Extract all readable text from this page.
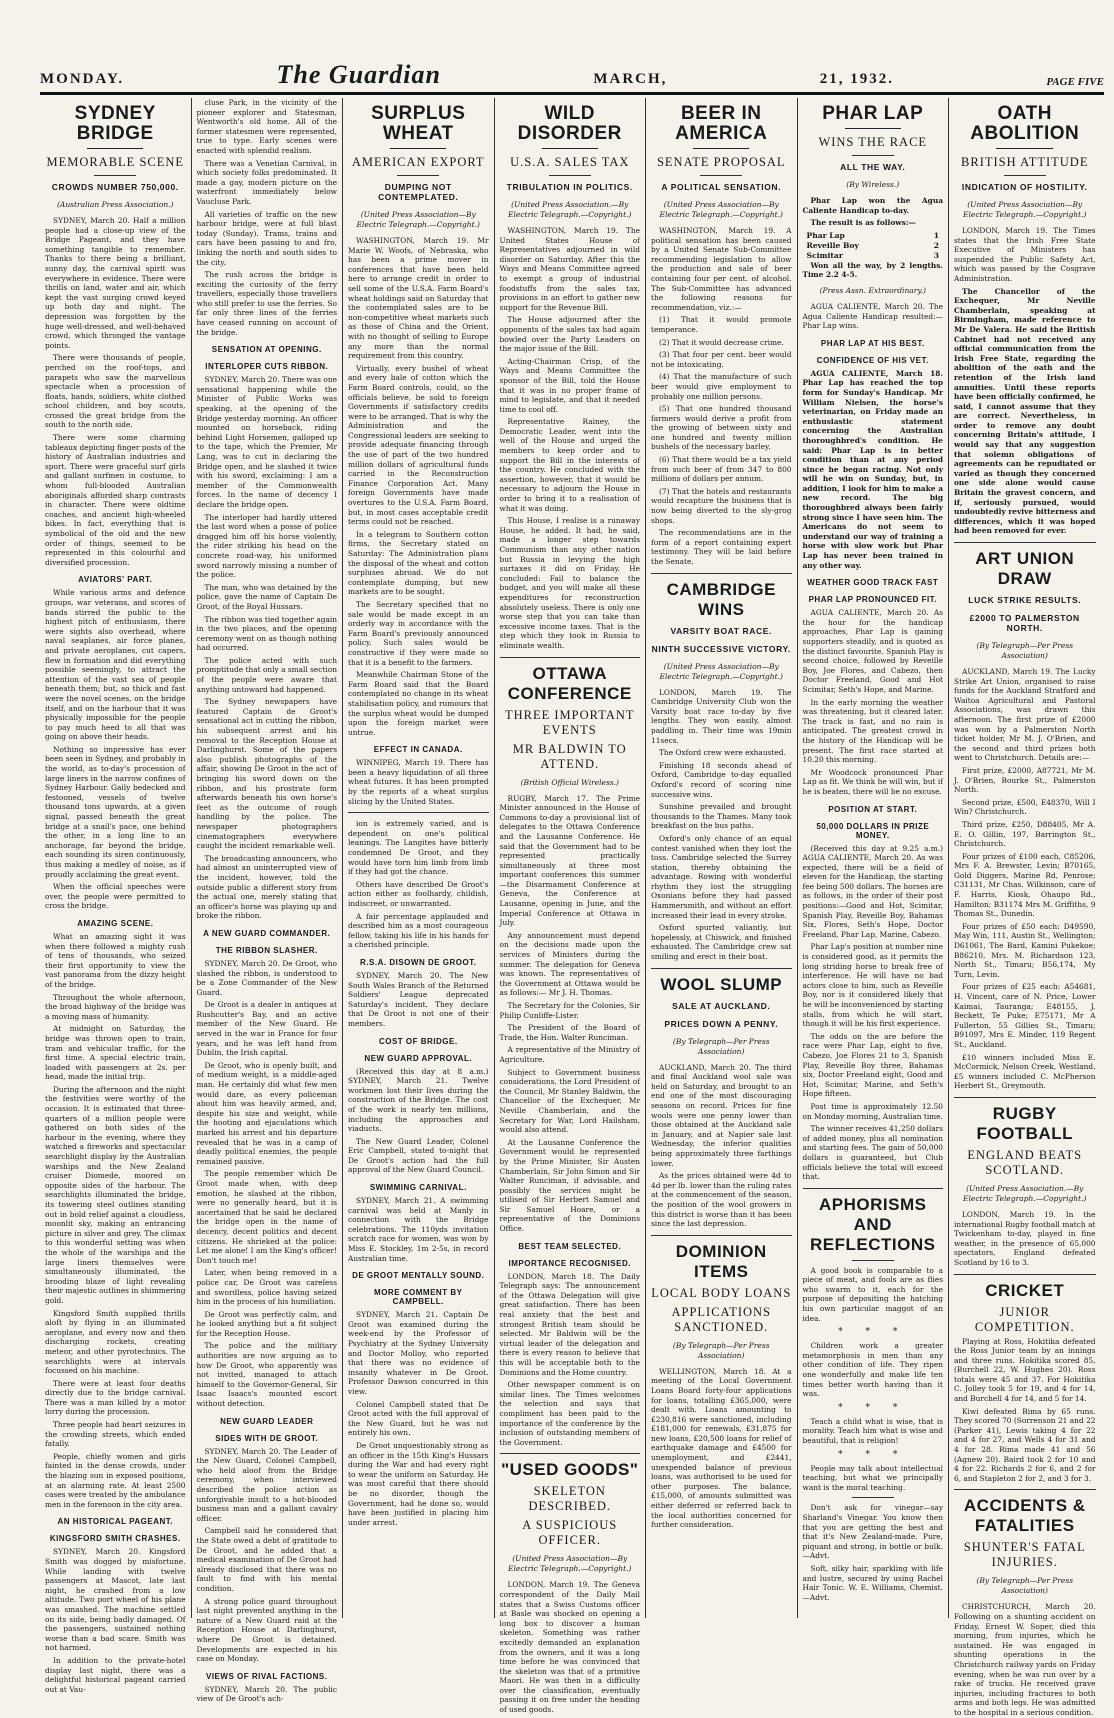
MONDAY.	The Guardian	MARCH,	21, 1932.	PAGE FIVE
SYDNEY BRIDGE
MEMORABLE SCENE
CROWDS NUMBER 750,000.
(Australian Press Association.)

SYDNEY, March 20. Half a million people had a close-up view of the Bridge Pageant, and they have something tangible to remember. Thanks to there being a brilliant, sunny day, the carnival spirit was everywhere in evidence. There were thrills on land, water and air, which kept the vast surging crowd keyed up both day and night. The depression was forgotten by the huge well-dressed, and well-behaved crowd, which thronged the vantage points.

There were thousands of people, perched on the roof-tops, and parapets who saw the marvellous spectacle when a procession of floats, bands, soldiers, white clothed school children, and boy scouts, crossed the great bridge from the south to the north side.

There were some charming tableaux depicting finger posts of the history of Australian industries and sport. There were graceful surf girls and gallant surfmen in costume, to whom full-blooded Australian aboriginals afforded sharp contrasts in character. There were oldtime coaches, and ancient high-wheeled bikes. In fact, everything that is symbolical of the old and the new order of things, seemed to be represented in this colourful and diversified procession.

AVIATORS' PART.

While various arms and defence groups, war veterans, and scores of bands stirred the public to the highest pitch of enthusiasm, there were sights also overhead, where naval seaplanes, air force planes, and private aeroplanes, cut capers, flew in formation and did everything possible seemingly, to attract the attention of the vast sea of people beneath them; but, so thick and fast were the novel scenes, on the bridge itself, and on the harbour that it was physically impossible for the people to pay much heed to all that was going on above their heads.

Nothing so impressive has ever been seen in Sydney, and probably in the world, as to-day's procession of large liners in the narrow confines of Sydney Harbour. Gaily bedecked and festooned, vessels of twelve thousand tons upwards, at a given signal, passed beneath the great bridge at a snail's pace, one behind the other, in a long line to an anchorage, far beyond the bridge, each sounding its siren continuously, thus making a medley of noise, as if proudly acclaiming the great event.

When the official speeches were over, the people were permitted to cross the bridge.

AMAZING SCENE.

What an amazing sight it was when there followed a mighty rush of tens of thousands, who seized their first opportunity to view the vast panorama from the dizzy height of the bridge.

Throughout the whole afternoon, the broad highway of the bridge was a moving mass of humanity.

At midnight on Saturday, the bridge was thrown open to train, tram and vehicular traffic, for the first time. A special electric train, loaded with passengers at 2s. per head, made the initial trip.

During the afternoon and the night the festivities were worthy of the occasion. It is estimated that three-quarters of a million people were gathered on both sides of the harbour in the evening, where they watched a fireworks and spectacular searchlight display by the Australian warships and the New Zealand cruiser Diomede, moored on opposite sides of the harbour. The searchlights illuminated the bridge, its towering steel outlines standing out in bold relief against a cloudless, moonlit sky, making an entrancing picture in silver and grey. The climax to this wonderful setting was when the whole of the warships and the large liners themselves were simultaneously illuminated, the brooding blaze of light revealing their majestic outlines in shimmering gold.

Kingsford Smith supplied thrills aloft by flying in an illuminated aeroplane, and every now and then discharging rockets, creating meteor, and other pyrotechnics. The searchlights were at intervals focussed on his machine.

There were at least four deaths directly due to the bridge carnival. There was a man killed by a motor lorry during the procession.

Three people had heart seizures in the crowding streets, which ended fatally.

People, chiefly women and girls fainted in the dense crowds, under the blazing sun in exposed positions, at an alarming rate. At least 2500 cases were treated by the ambulance men in the forenoon in the city area.

AN HISTORICAL PAGEANT.
KINGSFORD SMITH CRASHES.

SYDNEY, March 20. Kingsford Smith was dogged by misfortune. While landing with twelve passengers at Mascot, late last night, he crashed from a low altitude. Two port wheel of his plane was smashed. The machine settled on its side, being badly damaged. Of the passengers, sustained nothing worse than a bad scare. Smith was not harmed.

In addition to the private-hotel display last night, there was a delightful historical pageant carried out at Vau-

cluse Park, in the vicinity of the pioneer explorer and Statesman, Wentworth's old home. All of the former statesmen were represented, true to type. Early scenes were enacted with splendid realism.

There was a Venetian Carnival, in which society folks predominated. It made a gay, modern picture on the waterfront immediately below Vaucluse Park.

All varieties of traffic on the new harbour bridge, were at full blast today (Sunday). Trams, trains and cars have been passing to and fro, linking the north and south sides to the city.

The rush across the bridge is exciting the curiosity of the ferry travellers, especially those travellers who still prefer to use the ferries. So far only three lines of the ferries have ceased running on account of the bridge.

SENSATION AT OPENING.
INTERLOPER CUTS RIBBON.

SYDNEY, March 20. There was one sensational happening while the Minister of Public Works was speaking, at the opening of the Bridge yesterday morning. An officer mounted on horseback, riding behind Light Horsemen, galloped up to the tape, which the Premier, Mr Lang, was to cut in declaring the Bridge open, and he slashed it twice with his sword, exclaiming: I am a member of the Commonwealth forces. In the name of decency I declare the bridge open.

The interloper had hardly uttered the last word when a posse of police dragged him off his horse violently, the rider striking his head on the concrete road-way, his uniformed sword narrowly missing a number of the police.

The man, who was detained by the police, gave the name of Captain De Groot, of the Royal Hussars.

The ribbon was tied together again in the two places, and the opening ceremony went on as though nothing had occurred.

The police acted with such promptitude that only a small section of the people were aware that anything untoward had happened.

The Sydney newspapers have featured Captain de Groot's sensational act in cutting the ribbon, his subsequent arrest and his removal to the Reception House at Darlinghurst. Some of the papers also publish photographs of the affair, showing De Groot in the act of bringing his sword down on the ribbon, and his prostrate form afterwards beneath his own horse's feet as the outcome of rough handling by the police. The newspaper photographers cinematographers everywhere caught the incident remarkable well.

The broadcasting announcers, who had almost an uninterrupted view of the incident, however, told the outside public a different story from the actual one, merely stating that an officer's horse was playing up and broke the ribbon.

A NEW GUARD COMMANDER.
THE RIBBON SLASHER.

SYDNEY, March 20. De Groot, who slashed the ribbon, is understood to be a Zone Commander of the New Guard.

De Groot is a dealer in antiques at Rushcutter's Bay, and an active member of the New Guard. He served in the war in France for four years, and he was left hand from Dublin, the Irish capital.

De Groot, who is openly built, and of medium weight, is a middle-aged man. He certainly did what few men would dare, as every policeman about him was heavily armed, and, despite his size and weight, while the hooting and ejaculations which marked his arrest and his departure revealed that he was in a camp of deadly political enemies, the people remained passive.

The people remember which De Groot made when, with deep emotion, he slashed at the ribbon, were no generally heard, but it is ascertained that he said he declared the bridge open in the name of decency, decent politics and decent citizens. He shrieked at the police: Let me alone! I am the King's officer! Don't touch me!

Later, when being removed in a police car, De Groot was careless and swordless, police having seized him in the process of his humiliation.

De Groot was perfectly calm, and he looked anything but a fit subject for the Reception House.

The police and the military authorities are now arguing as to how De Groot, who apparently was not invited, managed to attach himself to the Governor-General, Sir Isaac Isaacs's mounted escort without detection.

NEW GUARD LEADER
SIDES WITH DE GROOT.

SYDNEY, March 20. The Leader of the New Guard, Colonel Campbell, who held aloof from the Bridge ceremony, when interviewed described the police action as unforgivable insult to a hot-blooded business man and a gallant cavalry officer.

Campbell said he considered that the State owed a debt of gratitude to De Groot, and he added that a medical examination of De Groot had already disclosed that there was no fault to find with his mental condition.

A strong police guard throughout last night prevented anything in the nature of a New Guard raid at the Reception House at Darlinghurst, where De Groot is detained. Developments are expected in his case on Monday.

VIEWS OF RIVAL FACTIONS.

SYDNEY, March 20. The public view of De Groot's ach-

SURPLUS WHEAT
AMERICAN EXPORT
DUMPING NOT CONTEMPLATED.
(United Press Association—By Electric Telegraph.—Copyright.)

WASHINGTON, March 19. Mr Marie W. Woofs, of Nebraska, who has been a prime mover in conferences that have been held here to arrange credit in order to sell some of the U.S.A. Farm Board's wheat holdings said on Saturday that the contemplated sales are to be non-competitive wheat markets such as those of China and the Orient, with no thought of selling to Europe any more than the normal requirement from this country.

Virtually, every bushel of wheat and every bale of cotton which the Farm Board controls, could, so the officials believe, be sold to foreign Governments if satisfactory credits were to be arranged. That is why the Administration and the Congressional leaders are seeking to provide adequate financing through the use of part of the two hundred million dollars of agricultural funds carried in the Reconstruction Finance Corporation Act. Many foreign Governments have made overtures to the U.S.A. Farm Board, but, in most cases acceptable credit terms could not be reached.

In a telegram to Southern cotton firms, the Secretary stated on Saturday: The Administration plans the disposal of the wheat and cotton surpluses abroad. We do not contemplate dumping, but new markets are to be sought.

The Secretary specified that no sale would be made except in an orderly way in accordance with the Farm Board's previously announced policy. Such sales would be constructive if they were made so that it is a benefit to the farmers.

Meanwhile Chairman Stone of the Farm Board said that the Board contemplated no change in its wheat stabilisation policy, and rumours that the surplus wheat would be dumped upon the foreign market were untrue.

EFFECT IN CANADA.

WINNIPEG, March 19. There has been a heavy liquidation of all three wheat futures. It has been prompted by the reports of a wheat surplus slicing by the United States.

ion is extremely varied, and is dependent on one's political leanings. The Langites have bitterly condemned De Groot, and they would have torn him limb from limb if they had got the chance.

Others have described De Groot's action either as foolhardy, childish, indiscreet, or unwarranted.

A fair percentage applauded and described him as a most courageous fellow, taking his life in his hands for a cherished principle.

R.S.A. DISOWN DE GROOT.

SYDNEY, March 20. The New South Wales Branch of the Returned Soldiers' League deprecated Saturday's incident. They declare that De Groot is not one of their members.

COST OF BRIDGE.
NEW GUARD APPROVAL.

(Received this day at 8 a.m.) SYDNEY, March 21. Twelve workmen lost their lives during the construction of the Bridge. The cost of the work is nearly ten millions, including the approaches and viaducts.

The New Guard Leader, Colonel Eric Campbell, stated to-night that De Groot's action had the full approval of the New Guard Council.

SWIMMING CARNIVAL.

SYDNEY, March 21. A swimming carnival was held at Manly in connection with the Bridge celebrations. The 110yds invitation scratch race for women, was won by Miss E. Stockley, 1m 2-5s, in record Australian time.

DE GROOT MENTALLY SOUND.
MORE COMMENT BY CAMPBELL.

SYDNEY, March 21. Captain De Groot was examined during the week-end by the Professor of Psychiatry at the Sydney University and Doctor Molloy, who reported that there was no evidence of insanity whatever in De Groot. Professor Dawson concurred in this view.

Colonel Campbell stated that De Groot acted with the full approval of the New Guard, but he was not entirely his own.

De Groot unquestionably strong as an officer in the 15th King's Hussars during the War and had every right to wear the uniform on Saturday. He was most careful that there should be no disorder, though the Government, had he done so, would have been justified in placing him under arrest.

WILD DISORDER
U.S.A. SALES TAX
TRIBULATION IN POLITICS.
(United Press Association.—By Electric Telegraph.—Copyright.)

WASHINGTON, March 19. The United States House of Representatives adjourned in wild disorder on Saturday. After this the Ways and Means Committee agreed to exempt a group of industrial foodstuffs from the sales tax, provisions in an effort to gather new support for the Revenue Bill.

The House adjourned after the opponents of the sales tax had again bowled over the Party Leaders on the major issue of the Bill.

Acting-Chairman Crisp, of the Ways and Means Committee the sponsor of the Bill, told the House that it was in no proper frame of mind to legislate, and that it needed time to cool off.

Representative Rainey, the Democratic Leader, went into the well of the House and urged the members to keep order and to support the Bill in the interests of the country. He concluded with the assertion, however, that it would be necessary to adjourn the House in order to bring it to a realisation of what it was doing.

This House, I realise is a runaway House, he added. It had, he said, made a longer step towards Communism than any other nation but Russia in levying the high surtaxes it did on Friday. He concluded: Fail to balance the budget, and you will make all these expenditures for reconstruction absolutely useless. There is only one worse step that you can take than excessive income taxes. That is the step which they took in Russia to eliminate wealth.

OTTAWA CONFERENCE
THREE IMPORTANT EVENTS
MR BALDWIN TO ATTEND.
(British Official Wireless.)

RUGBY, March 17. The Prime Minister announced in the House of Commons to-day a provisional list of delegates to the Ottawa Conference and the Lausanne Conference. He said that the Government had to be represented practically simultaneously at three most important conferences this summer—the Disarmament Conference at Geneva, the Conference at Lausanne, opening in June, and the Imperial Conference at Ottawa in July.

Any announcement must depend on the decisions made upon the services of Ministers during the summer. The delegation for Geneva was known. The representatives of the Government at Ottawa would be as follows:— Mr J. H. Thomas.

The Secretary for the Colonies, Sir Philip Cunliffe-Lister.

The President of the Board of Trade, the Hon. Walter Runciman.

A representative of the Ministry of Agriculture.

Subject to Government business considerations, the Lord President of the Council, Mr Stanley Baldwin, the Chancellor of the Exchequer, Mr Neville Chamberlain, and the Secretary for War, Lord Hailsham, would also attend.

At the Lausanne Conference the Government would be represented by the Prime Minister, Sir Austen Chamberlain, Sir John Simon and Sir Walter Runciman, if advisable, and possibly the services might be utilised of Sir Herbert Samuel and Sir Samuel Hoare, or a representative of the Dominions Office.

BEST TEAM SELECTED.
IMPORTANCE RECOGNISED.

LONDON, March 18. The Daily Telegraph says: The announcement of the Ottawa Delegation will give great satisfaction. There has been real anxiety that the best and strongest British team should be selected. Mr Baldwin will be the virtual leader of the delegation and there is every reason to believe that this will be acceptable both to the Dominions and the Home country.

Other newspaper comment is on similar lines. The Times welcomes the selection and says that compliment has been paid to the importance of the conference by the inclusion of outstanding members of the Government.

"USED GOODS"
SKELETON DESCRIBED.
A SUSPICIOUS OFFICER.
(United Press Association—By Electric Telegraph.—Copyright.)

LONDON, March 19. The Geneva correspondent of the Daily Mail states that a Swiss Customs officer at Basle was shocked on opening a long box to discover a human skeleton. Something was rather excitedly demanded an explanation from the owners, and it was a long time before he was convinced that the skeleton was that of a primitive Maori. He was then in a difficulty over the classification, eventually passing it on free under the heading of used goods.

BEER IN AMERICA
SENATE PROPOSAL
A POLITICAL SENSATION.
(United Press Association—By Electric Telegraph.—Copyright.)

WASHINGTON, March 19. A political sensation has been caused by a United Senate Sub-Committee recommending legislation to allow the production and sale of beer containing four per cent. of alcohol. The Sub-Committee has advanced the following reasons for recommendation, viz.:—

(1) That it would promote temperance.

(2) That it would decrease crime.

(3) That four per cent. beer would not be intoxicating.

(4) That the manufacture of such beer would give employment to probably one million persons.

(5) That one hundred thousand farmers would derive a profit from the growing of between sixty and one hundred and twenty million bushels of the necessary barley.

(6) That there would be a tax yield from such beer of from 347 to 800 millions of dollars per annum.

(7) That the hotels and restaurants would recapture the business that is now being diverted to the sly-grog shops.

The recommendations are in the form of a report containing expert testimony. They will be laid before the Senate.

CAMBRIDGE WINS
VARSITY BOAT RACE.
NINTH SUCCESSIVE VICTORY.
(United Press Association—By Electric Telegraph.—Copyright.)

LONDON, March 19. The Cambridge University Club won the Varsity boat race to-day by five lengths. They won easily, almost paddling in. Their time was 19min 11secs.

The Oxford crew were exhausted.

Finishing 18 seconds ahead of Oxford, Cambridge to-day equalled Oxford's record of scoring nine successive wins.

Sunshine prevailed and brought thousands to the Thames. Many took breakfast on the bus paths.

Oxford's only chance of an equal contest vanished when they lost the toss. Cambridge selected the Surrey station, thereby obtaining the advantage. Rowing with wonderful rhythm they lost the struggling Oxonians before they had passed Hammersmith, and without an effort increased their lead in every stroke.

Oxford spurted valiantly, but hopelessly, at Chiswick, and finished exhausted. The Cambridge crew sat smiling and erect in their boat.

WOOL SLUMP
SALE AT AUCKLAND.
PRICES DOWN A PENNY.
(By Telegraph—Per Press Association)

AUCKLAND, March 20. The third and final Auckland wool sale was held on Saturday, and brought to an end one of the most discouraging seasons on record. Prices for fine wools were one penny lower than those obtained at the Auckland sale in January, and at Napier sale last Wednesday, the inferior qualities being approximately three farthings lower.

As the prices obtained were 4d to 4d per lb. lower than the ruling rates at the commencement of the season, the position of the wool growers in this district is worse than it has been since the last depression.

DOMINION ITEMS
LOCAL BODY LOANS
APPLICATIONS SANCTIONED.
(By Telegraph—Per Press Association)

WELLINGTON, March 18. At a meeting of the Local Government Loans Board forty-four applications for loans, totalling £365,000, were dealt with. Loans amounting to £230,816 were sanctioned, including £181,000 for renewals, £31,875 for new loans, £20,500 loans for relief of earthquake damage and £4500 for unemployment, and £2441, unexpended balance of previous loans, was authorised to be used for other purposes. The balance, £15,000, of amounts submitted was either deferred or referred back to the local authorities concerned for further consideration.

PHAR LAP
WINS THE RACE
ALL THE WAY.
(By Wireless.)

Phar Lap won the Agua Caliente Handicap to-day.

The result is as follows:—

Phar Lap	1
Reveille Boy	2
Scimitar	3

Won all the way, by 2 lengths. Time 2.2 4-5.

(Press Assn. Extraordinary.)

AGUA CALIENTE, March 20. The Agua Caliente Handicap resulted:—Phar Lap wins.

PHAR LAP AT HIS BEST.
CONFIDENCE OF HIS VET.

AGUA CALIENTE, March 18. Phar Lap has reached the top form for Sunday's Handicap. Mr William Nielsen, the horse's veterinarian, on Friday made an enthusiastic statement concerning the Australian thoroughbred's condition. He said: Phar Lap is in better condition than at any period since he began racing. Not only will he win on Sunday, but, in addition, I look for him to make a new record. The big thoroughbred always been fairly strong since I have seen him. The Americans do not seem to understand our way of training a horse with slow work but Phar Lap has never been trained in any other way.

WEATHER GOOD TRACK FAST
PHAR LAP PRONOUNCED FIT.

AGUA CALIENTE, March 20. As the hour for the handicap approaches, Phar Lap is gaining supporters steadily, and is quoted as the distinct favourite. Spanish Play is second choice, followed by Reveille Boy, Joe Flores, and Cabezo, then Doctor Freeland, Good and Hot Scimitar, Seth's Hope, and Marine.

In the early morning the weather was threatening, but it cleared later. The track is fast, and no rain is anticipated. The greatest crowd in the history of the Handicap will be present. The first race started at 10.20 this morning.

Mr Woodcock pronounced Phar Lap as fit. We think he will win, but if he is beaten, there will be no excuse.

POSITION AT START.
50,000 DOLLARS IN PRIZE MONEY.

(Received this day at 9.25 a.m.) AGUA CALIENTE, March 20. As was expected, there will be a field of eleven for the Handicap, the starting fee being 500 dollars. The horses are as follows, in the order of their post positions:—Good and Hot, Scimitar, Spanish Play, Reveille Boy, Bahamas Six, Flores, Seth's Hope, Doctor Freeland, Phar Lap, Marine, Cabezo.

Phar Lap's position at number nine is considered good, as it permits the long striding horse to break free of interference. He will have no bad actors close to him, such as Reveille Boy, nor is it considered likely that he will be inconvenienced by starting stalls, from which he will start, though it will be his first experience.

The odds on the are before the race were Phar Lap, eight to five, Cabezo, Joe Flores 21 to 3, Spanish Play, Reveille Boy three, Bahamas six, Doctor Freeland eight, Good and Hot, Scimitar, Marine, and Seth's Hope fifteen.

Post time is approximately 12.50 on Monday morning, Australian time.

The winner receives 41,250 dollars of added money, plus all nomination and starting fees. The gain of 50,000 dollars is guaranteed, but Club officials believe the total will exceed that.

APHORISMS AND REFLECTIONS

A good book is comparable to a piece of meat, and fools are as flies who swarm to it, each for the purpose of depositing the hatching his own particular maggot of an idea.

* * *

Children work a greater metamorphosis in men than any other condition of life. They ripen one wonderfully and make life ten times better worth having than it was.

* * *

Teach a child what is wise, that is morality. Teach him what is wise and beautiful, that is religion!

* * *

People may talk about intellectual teaching, but what we principally want is the moral teaching.

Don't ask for vinegar—say Sharland's Vinegar. You know then that you are getting the best and that it's New Zealand-made. Pure, piquant and strong, in bottle or bulk.—Advt.

Soft, silky hair, sparkling with life and lustre, secured by using Rachel Hair Tonic. W. E. Williams, Chemist.—Advt.

OATH ABOLITION
BRITISH ATTITUDE
INDICATION OF HOSTILITY.
(United Press Association—By Electric Telegraph.—Copyright.)

LONDON, March 19. The Times states that the Irish Free State Executive of Ministers has suspended the Public Safety Act, which was passed by the Cosgrave Administration.

The Chancellor of the Exchequer, Mr Neville Chamberlain, speaking at Birmingham, made reference to Mr De Valera. He said the British Cabinet had not received any official communication from the Irish Free State, regarding the abolition of the oath and the retention of the Irish land annuities. Until these reports have been officially confirmed, he said, I cannot assume that they are correct. Nevertheless, in order to remove any doubt concerning Britain's attitude, I would say that any suggestion that solemn obligations of agreements can be repudiated or varied as though they concerned one side alone would cause Britain the gravest concern, and if, seriously pursued, would undoubtedly revive bitterness and differences, which it was hoped had been removed for ever.

ART UNION DRAW
LUCK STRIKE RESULTS.
£2000 TO PALMERSTON NORTH.
(By Telegraph—Per Press Association)

AUCKLAND, March 19. The Lucky Strike Art Union, organised to raise funds for the Auckland Stratford and Waitoa Agricultural and Pastoral Associations, was drawn this afternoon. The first prize of £2000 was won by a Palmerston North ticket holder, Mr M. J. O'Brien, and the second and third prizes both went to Christchurch. Details are:—

First prize, £2000, A87721, Mr M. J. O'Brien, Bourke St., Palmerston North.

Second prize, £500, E48370, Will I Win? Christchurch.

Third prize, £250, D88405, Mr A. E. O. Gillin, 197, Barrington St., Christchurch.

Four prizes of £100 each, C85206, Mrs F. A. Brewster, Levin; B70165, Gold Diggers, Marine Rd, Penrose; C31131, Mr Chas. Wilkinson, care of F. Harris, Kiosk, Ohaupo Rd., Hamilton; B31174 Mrs M. Griffiths, 9 Thomas St., Dunedin.

Four prizes of £50 each: D49590, May Win, 111, Austin St., Wellington; D61061, The Bard, Kamini Pukekoe; B86210, Mrs. M. Richardson 123, North St., Timaru; B56,174, My Turn, Levin.

Four prizes of £25 each: A54681, H. Vincent, care of N. Price, Lower Kaimai, Tauranga; E48155, J. Beckett, Te Puke; E75171, Mr A Fullerton, 55 Gillies St., Timaru; B91097, Mrs E. Minder, 119 Regent St., Auckland.

£10 winners included Miss E. McCormick, Nelson Creek, Westland. £5 winners included C. McPherson Herbert St., Greymouth.

RUGBY FOOTBALL
ENGLAND BEATS SCOTLAND.
(United Press Association.—By Electric Telegraph.—Copyright.)

LONDON, March 19. In the international Rugby football match at Twickenham to-day, played in fine weather, in the presence of 65,000 spectators, England defeated Scotland by 16 to 3.

CRICKET
JUNIOR COMPETITION.

Playing at Ross, Hokitika defeated the Ross Junior team by an innings and three runs. Hokitika scored 85, (Burchell 22, W. Hughes 20). Ross totals were 45 and 37. For Hokitika C. Jolley took 5 for 19, and 4 for 14, and Burchell 4 for 14, and 5 for 14.

Kiwi defeated Bima by 65 runs. They scored 70 (Sorrenson 21 and 22 (Parker 41), Lewis taking 4 for 22 and 4 for 27, and Wells 4 for 31 and 4 for 28. Rima made 41 and 56 (Agnew 20). Baird took 2 for 10 and 4 for 22. Richards 2 for 6, and 2 for 6, and Stapleton 2 for 2, and 3 for 3.

ACCIDENTS & FATALITIES
SHUNTER'S FATAL INJURIES.
(By Telegraph—Per Press Association)

CHRISTCHURCH, March 20. Following on a shunting accident on Friday, Ernest W. Soper, died this morning, from injuries, which he sustained. He was engaged in shunting operations in the Christchurch railway yards on Friday evening, when he was run over by a rake of trucks. He received grave injuries, including fractures to both arms and both legs. He was admitted to the hospital in a serious condition.
